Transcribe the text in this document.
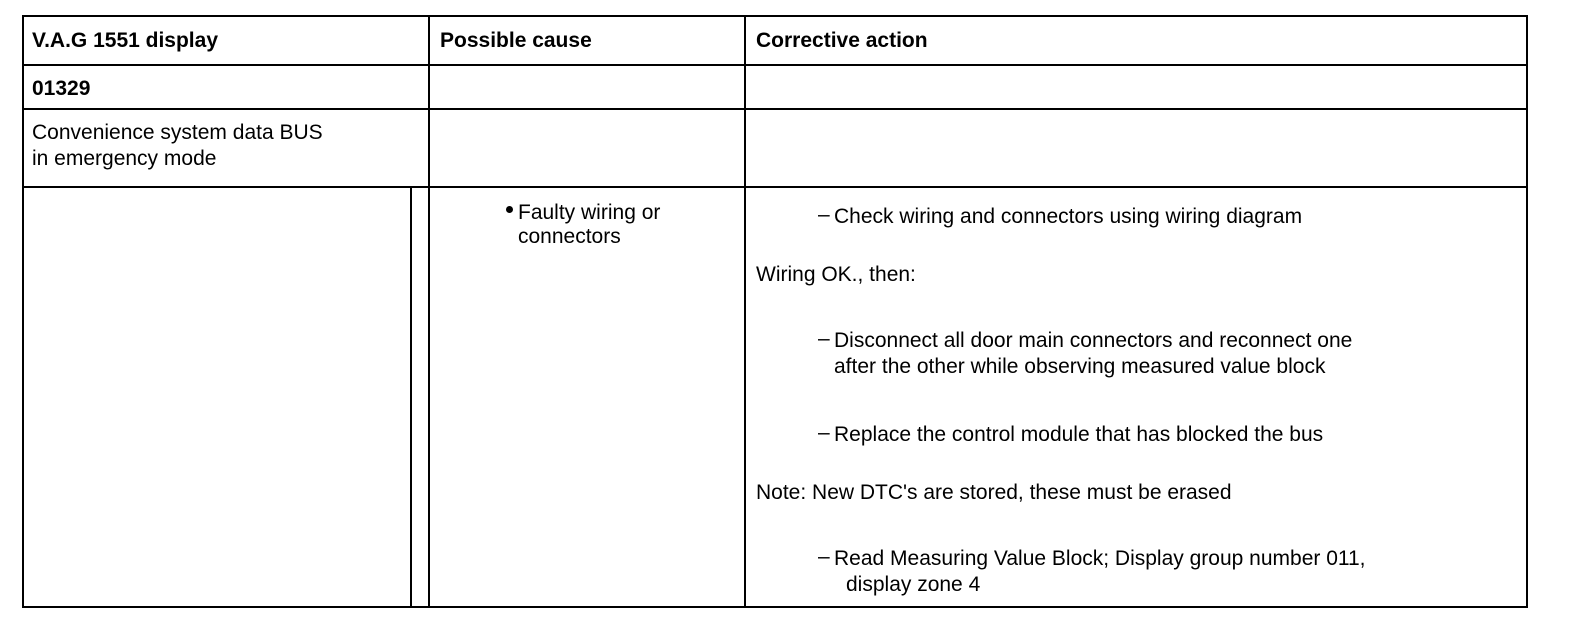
V.A.G 1551 display	Possible cause	Corrective action
01329
Convenience system data BUS
in emergency mode
Faulty wiring or
connectors
– Check wiring and connectors using wiring diagram
Wiring OK., then:
– Disconnect all door main connectors and reconnect one
after the other while observing measured value block
– Replace the control module that has blocked the bus
Note: New DTC's are stored, these must be erased
– Read Measuring Value Block; Display group number 011,
display zone 4
